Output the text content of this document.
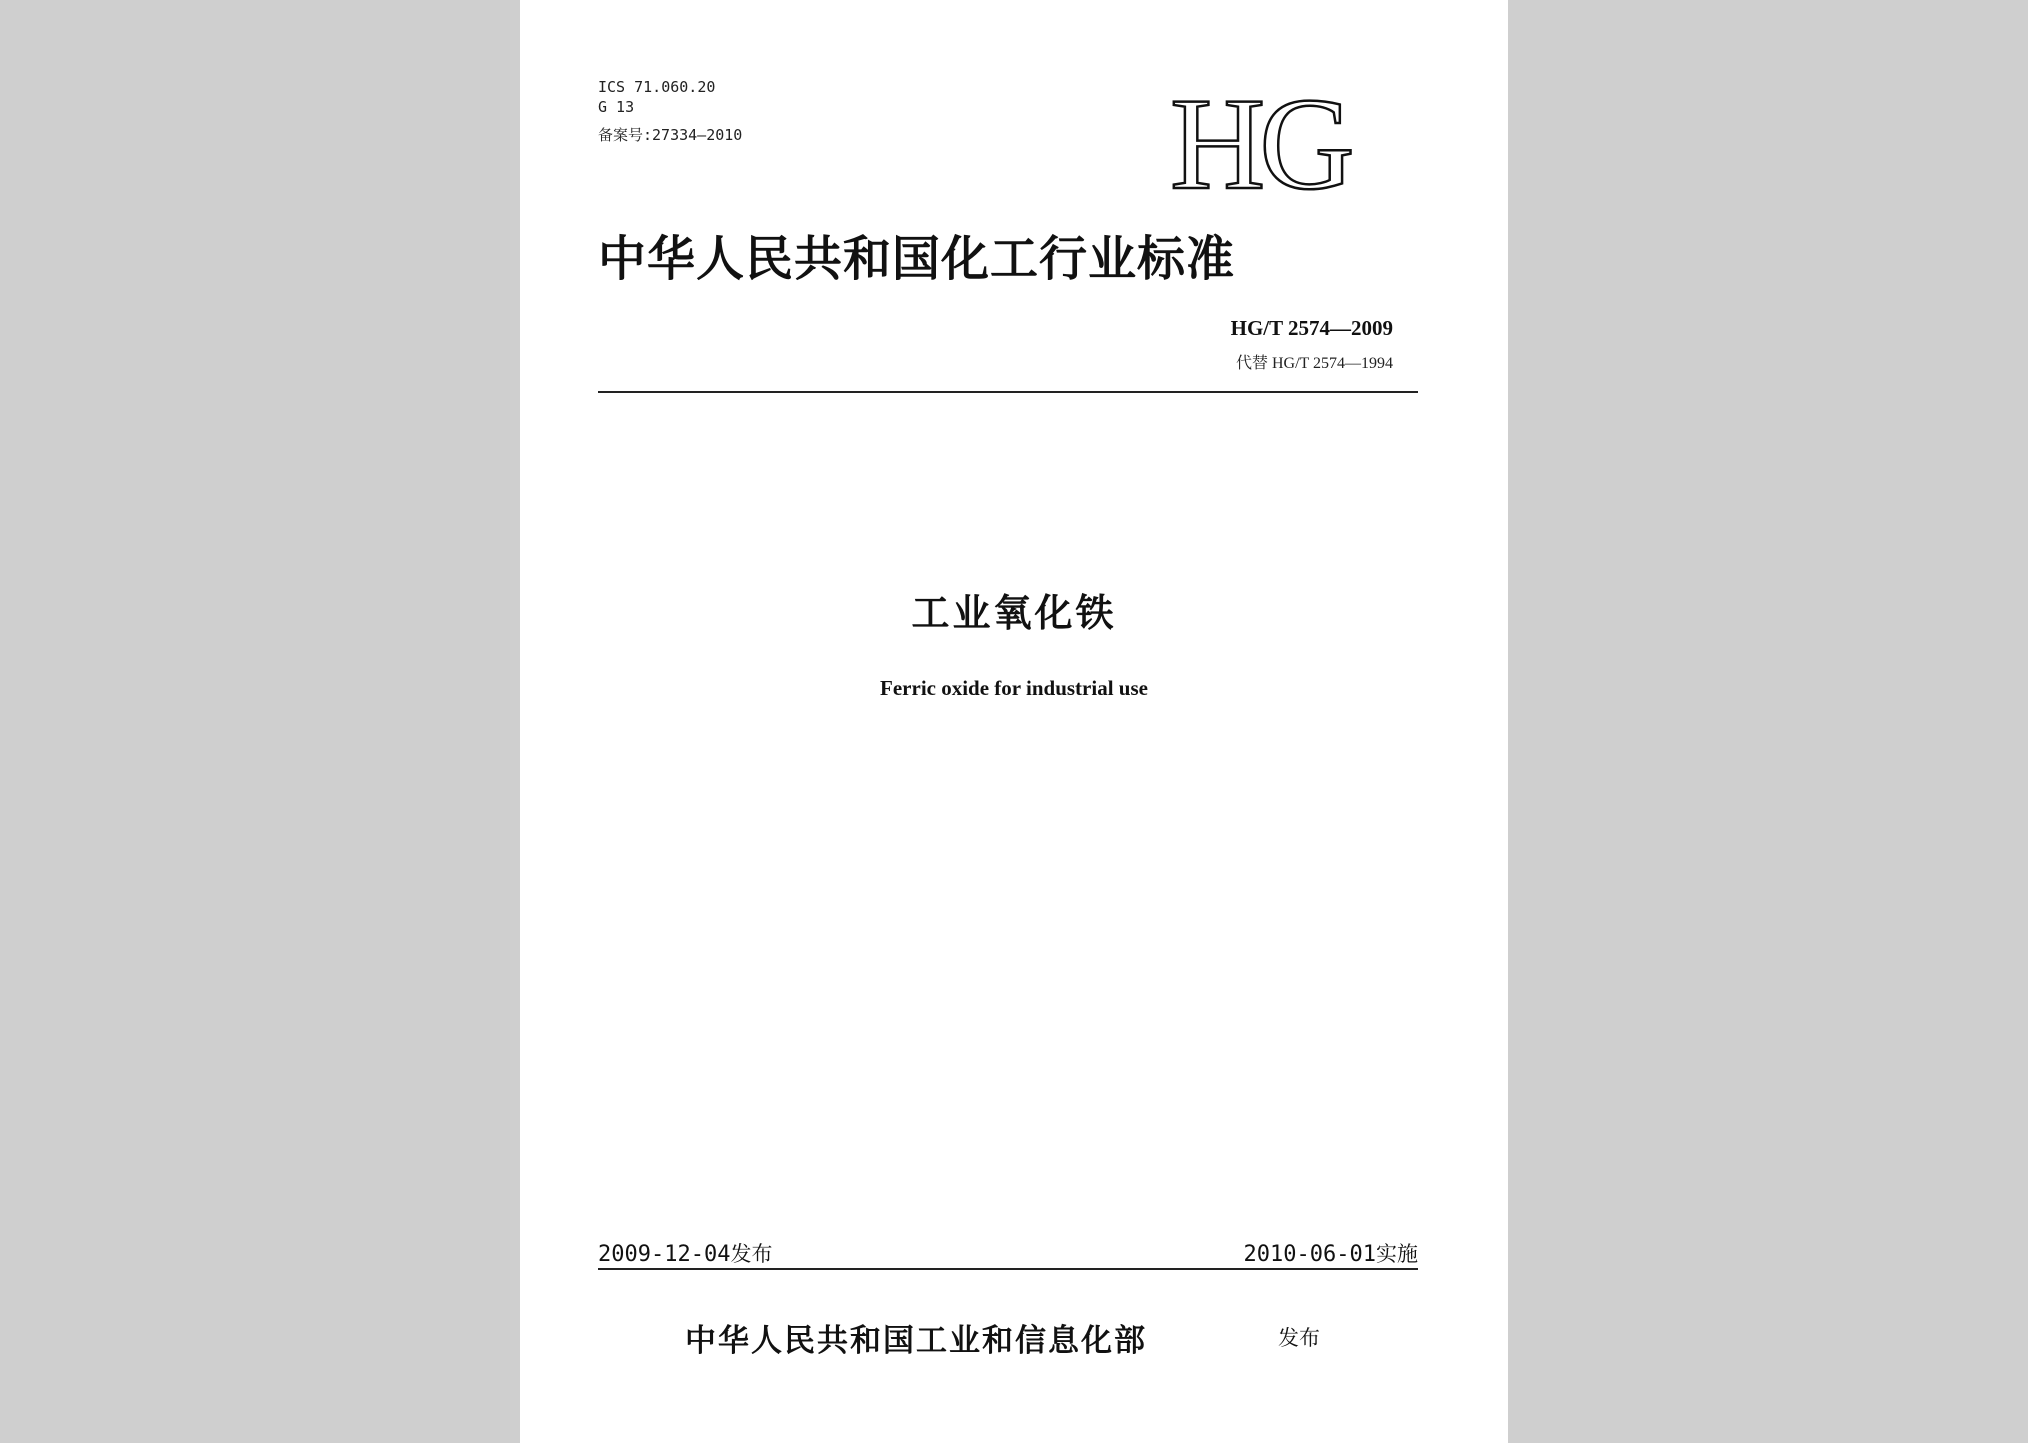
ICS 71.060.20
G 13
备案号:27334—2010	HG
中华人民共和国化工行业标准
HG/T 2574—2009
代替 HG/T 2574—1994
工业氧化铁
Ferric oxide for industrial use
2009-12-04发布	2010-06-01实施
中华人民共和国工业和信息化部	发布
